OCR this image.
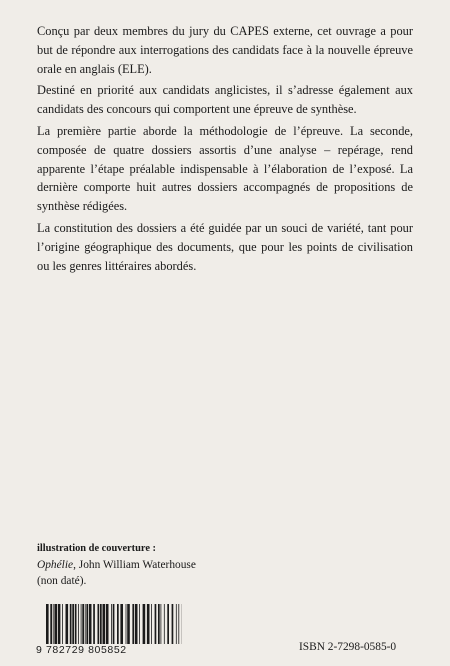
Conçu par deux membres du jury du CAPES externe, cet ouvrage a pour but de répondre aux interrogations des candidats face à la nouvelle épreuve orale en anglais (ELE).

Destiné en priorité aux candidats anglicistes, il s’adresse également aux candidats des concours qui comportent une épreuve de synthèse.

La première partie aborde la méthodologie de l’épreuve. La seconde, composée de quatre dossiers assortis d’une analyse – repérage, rend apparente l’étape préalable indispensable à l’élaboration de l’exposé. La dernière comporte huit autres dossiers accompagnés de propositions de synthèse rédigées.

La constitution des dossiers a été guidée par un souci de variété, tant pour l’origine géographique des documents, que pour les points de civilisation ou les genres littéraires abordés.

illustration de couverture :
Ophélie, John William Waterhouse
(non daté).
9 782729 805852	ISBN 2-7298-0585-0
